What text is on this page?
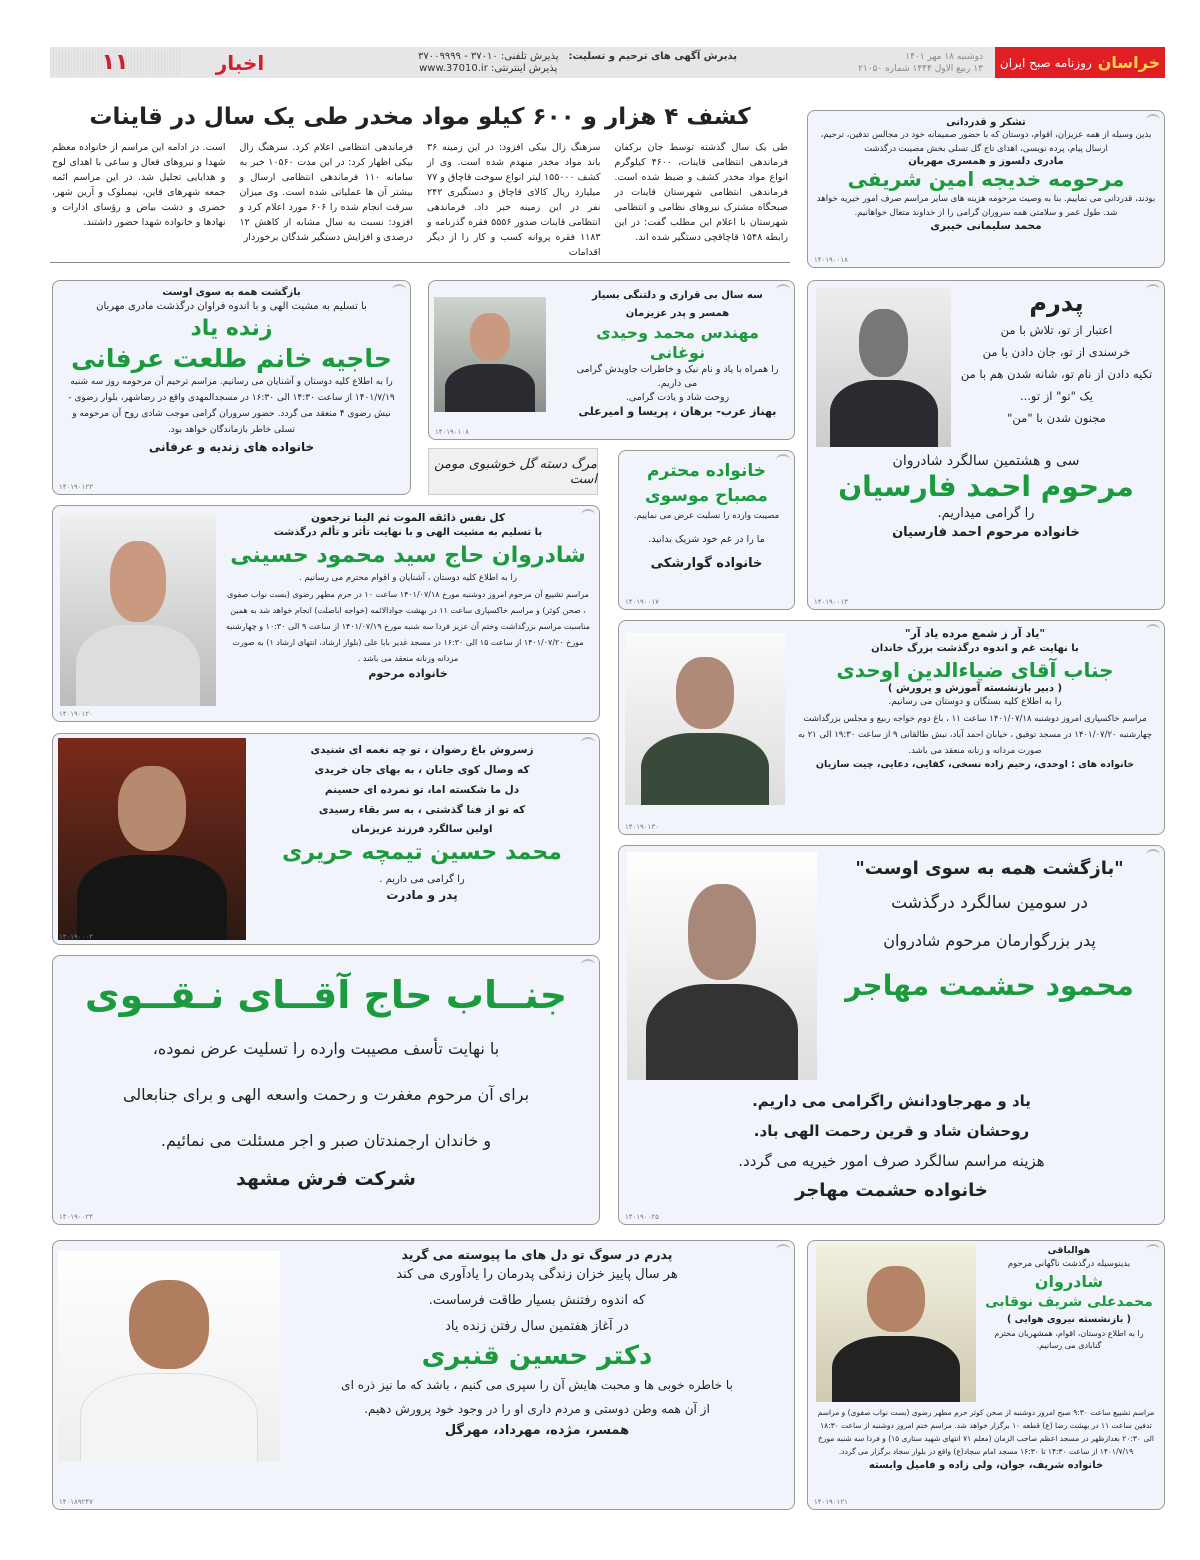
خراسان
روزنامه صبح ایران
دوشنبه ۱۸ مهر ۱۴۰۱
۱۳ ربیع الاول ۱۴۴۴ شماره ۲۱۰۵۰
پذیرش آگهی های ترحیم و تسلیت:
پذیرش تلفنی: ۳۷۰۱۰ - ۳۷۰۰۹۹۹۹
پذیرش اینترنتی: www.37010.ir
اخبار
۱۱
کشف ۴ هزار و ۶۰۰ کیلو مواد مخدر طی یک سال در قاینات

طی یک سال گذشته توسط جان برکفان فرماندهی انتظامی قاینات، ۴۶۰۰ کیلوگرم انواع مواد مخدر کشف و ضبط شده است. فرماندهی انتظامی شهرستان قاینات در صبحگاه مشترک نیروهای نظامی و انتظامی شهرستان با اعلام این مطلب گفت: در این رابطه ۱۵۴۸ قاچاقچی دستگیر شده اند.

سرهنگ زال بیکی افزود: در این زمینه ۳۶ باند مواد مخدر منهدم شده است. وی از کشف ۱۵۵۰۰۰ لیتر انواع سوخت قاچاق و ۷۷ میلیارد ریال کالای قاچاق و دستگیری ۲۴۲ نفر در این زمینه خبر داد. فرماندهی انتظامی قاینات صدور ۵۵۵۶ فقره گذرنامه و ۱۱۸۳ فقره پروانه کسب و کار را از دیگر اقدامات

فرماندهی انتظامی اعلام کرد. سرهنگ زال بیکی اظهار کرد: در این مدت ۱۰۵۶۰ خبر به سامانه ۱۱۰ فرماندهی انتظامی ارسال و بیشتر آن ها عملیاتی شده است. وی میزان سرقت انجام شده را ۶۰۶ مورد اعلام کرد و افزود: نسبت به سال مشابه از کاهش ۱۲ درصدی و افزایش دستگیر شدگان برخوردار

است. در ادامه این مراسم از خانواده معظم شهدا و نیروهای فعال و ساعی با اهدای لوح و هدایایی تجلیل شد. در این مراسم ائمه جمعه شهرهای قاین، نیمبلوک و آرین شهر، خضری و دشت بیاض و رؤسای ادارات و نهادها و خانواده شهدا حضور داشتند.

تشکر و قدردانی
بدین وسیله از همه عزیزان، اقوام، دوستان که با حضور صمیمانه خود در مجالس تدفین، ترحیم، ارسال پیام، پرده نویسی، اهدای تاج گل تسلی بخش مصیبت درگذشت
مادری دلسوز و همسری مهربان
مرحومه خدیجه امین شریفی
بودند، قدردانی می نماییم. بنا به وصیت مرحومه هزینه های سایر مراسم صرف امور خیریه خواهد شد. طول عمر و سلامتی همه سروران گرامی را از خداوند متعال خواهانیم.
محمد سلیمانی خیبری
۱۴۰۱۹۰۰۱۸
بازگشت همه به سوی اوست
با تسلیم به مشیت الهی و با اندوه فراوان درگذشت مادری مهربان
زنده یاد
حاجیه خانم طلعت عرفانی
را به اطلاع کلیه دوستان و آشنایان می رسانیم. مراسم ترحیم آن مرحومه روز سه شنبه ۱۴۰۱/۷/۱۹ از ساعت ۱۴:۳۰ الی ۱۶:۳۰ در مسجدالمهدی واقع در رضاشهر، بلوار رضوی - نبش رضوی ۴ منعقد می گردد. حضور سروران گرامی موجب شادی روح آن مرحومه و تسلی خاطر بازماندگان خواهد بود.
خانواده های زندیه و عرفانی
۱۴۰۱۹۰۱۲۳
سه سال بی قراری و دلتنگی بسیار
همسر و پدر عزیزمان
مهندس محمد وحیدی نوغانی
را همراه با یاد و نام نیک و خاطرات جاویدش گرامی می داریم.
روحت شاد و یادت گرامی.
بهناز عرب- برهان ، پریسا و امیرعلی
۱۴۰۱۹۰۱۰۸
پدرم
اعتبار از تو، تلاش با من
خرسندی از تو، جان دادن با من
تکیه دادن از نام تو، شانه شدن هم با من
یک "تو" از تو...
مجنون شدن با "من"
سی و هشتمین سالگرد شادروان
مرحوم احمد فارسیان
را گرامی میداریم.
خانواده مرحوم احمد فارسیان
۱۴۰۱۹۰۰۱۳
مرگ دسته گل خوشبوی مومن است	خانواده محترم
مصباح موسوی
مصیبت وارده را تسلیت عرض می نماییم.
ما را در غم خود شریک بدانید.
خانواده گوارشکی
۱۴۰۱۹۰۰۱۷
کل نفس ذائقه الموت ثم الینا ترجعون
با تسلیم به مشیت الهی و با نهایت تأثر و تألم درگذشت
شادروان حاج سید محمود حسینی
را به اطلاع کلیه دوستان ، آشنایان و اقوام محترم می رسانیم .
مراسم تشییع آن مرحوم امروز دوشنبه مورخ ۱۴۰۱/۰۷/۱۸ ساعت ۱۰ در حرم مطهر رضوی (بست نواب صفوی ، صحن کوثر) و مراسم خاکسپاری ساعت ۱۱ در بهشت جوادالائمه (خواجه اباصلت) انجام خواهد شد به همین مناسبت مراسم بزرگداشت وختم آن عزیز فردا سه شنبه مورخ ۱۴۰۱/۰۷/۱۹ از ساعت ۹ الی ۱۰:۳۰ و چهارشنبه مورخ ۱۴۰۱/۰۷/۲۰ از ساعت ۱۵ الی ۱۶:۳۰ در مسجد غدیر بابا علی (بلوار ارشاد، انتهای ارشاد ۱) به صورت مردانه وزنانه منعقد می باشد .
خانواده مرحوم
۱۴۰۱۹۰۱۲۰
"یاد آر ز شمع مرده یاد آر"
با نهایت غم و اندوه درگذشت بزرگ خاندان
جناب آقای ضیاءالدین اوحدی
( دبیر بازنشسته آموزش و پرورش )
را به اطلاع کلیه بستگان و دوستان می رسانیم.
مراسم خاکسپاری امروز دوشنبه ۱۴۰۱/۰۷/۱۸ ساعت ۱۱ ، باغ دوم خواجه ربیع و مجلس بزرگداشت چهارشنبه ۱۴۰۱/۰۷/۲۰ در مسجد توفیق ، خیابان احمد آباد، نبش طالقانی ۹ از ساعت ۱۹:۳۰ الی ۲۱ به صورت مردانه و زنانه منعقد می باشد.
خانواده های : اوحدی، رحیم زاده نسخی، کفایی، دعایی، چیت سازیان
۱۴۰۱۹۰۱۳۰
زسروش باغ رضوان ، تو چه نغمه ای شنیدی
که وصال کوی جانان ، به بهای جان خریدی
دل ما شکسته اما، تو نمرده ای حسینم
که تو از فنا گذشتی ، به سر بقاء رسیدی
اولین سالگرد فرزند عزیزمان
محمد حسین تیمچه حریری
را گرامی می داریم .
پدر و مادرت
۱۴۰۱۹۰۰۰۳
جنــاب حاج آقــای نـقــوی
با نهایت تأسف مصیبت وارده را تسلیت عرض نموده،
برای آن مرحوم مغفرت و رحمت واسعه الهی و برای جنابعالی
و خاندان ارجمندتان صبر و اجر مسئلت می نمائیم.
شرکت فرش مشهد
۱۴۰۱۹۰۰۲۴
"بازگشت همه به سوی اوست"
در سومین سالگرد درگذشت
پدر بزرگوارمان مرحوم شادروان
محمود حشمت مهاجر
یاد و مهرجاودانش راگرامی می داریم.
روحشان شاد و قرین رحمت الهی باد.
هزینه مراسم سالگرد صرف امور خیریه می گردد.
خانواده حشمت مهاجر
۱۴۰۱۹۰۰۲۵
پدرم در سوگ تو دل های ما پیوسته می گرید
هر سال پاییز خزان زندگی پدرمان را یادآوری می کند
که اندوه رفتنش بسیار طاقت فرساست.
در آغاز هفتمین سال رفتن زنده یاد
دکتر حسین قنبری
با خاطره خوبی ها و محبت هایش آن را سپری می کنیم ، باشد که ما نیز ذره ای
از آن همه وطن دوستی و مردم داری او را در وجود خود پرورش دهیم.
همسر، مژده، مهرداد، مهرگل
۱۴۰۱۸۹۲۴۷
هوالباقی
بدینوسیله درگذشت ناگهانی مرحوم
شادروان
محمدعلی شریف نوقابی
( بازنشسته نیروی هوایی )
را به اطلاع دوستان، اقوام، همشهریان محترم گنابادی می رسانیم.
مراسم تشییع ساعت ۹:۳۰ صبح امروز دوشنبه از صحن کوثر حرم مطهر رضوی (بست نواب صفوی) و مراسم تدفین ساعت ۱۱ در بهشت رضا (ع) قطعه ۱۰ برگزار خواهد شد. مراسم ختم امروز دوشنبه از ساعت ۱۸:۳۰ الی ۲۰:۳۰ بعدازظهر در مسجد اعظم صاحب الزمان (معلم ۷۱ انتهای شهید ستاری ۱۵) و فردا سه شنبه مورخ ۱۴۰۱/۷/۱۹ از ساعت ۱۴:۳۰ تا ۱۶:۳۰ مسجد امام سجاد(ع) واقع در بلوار سجاد برگزار می گردد.
خانواده شریف، جوان، ولی زاده و فامیل وابسته
۱۴۰۱۹۰۱۲۱
